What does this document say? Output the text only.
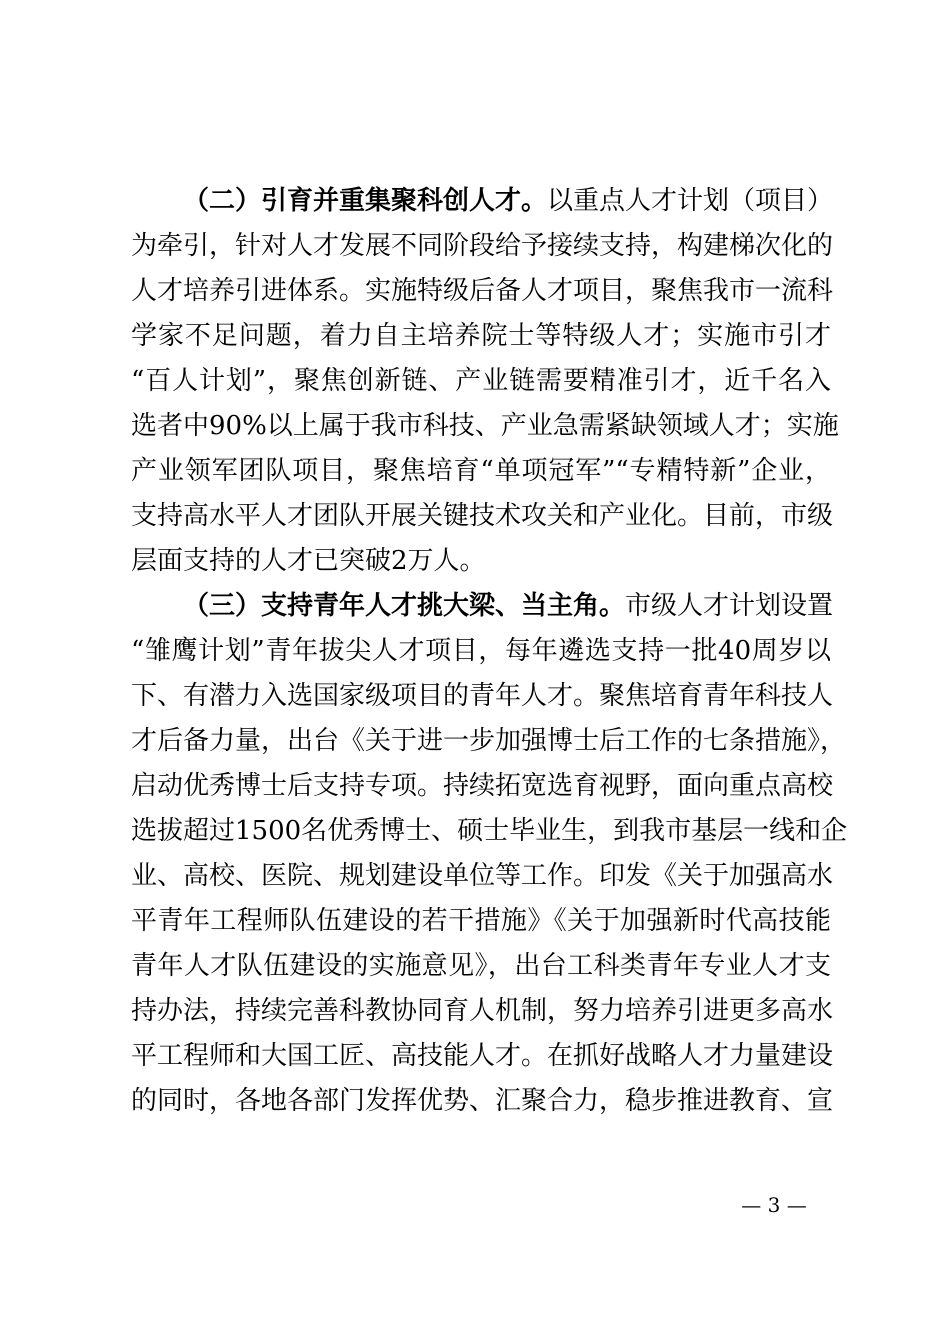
（二）引育并重集聚科创人才。以重点人才计划（项目）
为牵引，针对人才发展不同阶段给予接续支持，构建梯次化的
人才培养引进体系。实施特级后备人才项目，聚焦我市一流科
学家不足问题，着力自主培养院士等特级人才；实施市引才
“百人计划”，聚焦创新链、产业链需要精准引才，近千名入
选者中90%以上属于我市科技、产业急需紧缺领域人才；实施
产业领军团队项目，聚焦培育“单项冠军”“专精特新”企业，
支持高水平人才团队开展关键技术攻关和产业化。目前，市级
层面支持的人才已突破2万人。
（三）支持青年人才挑大梁、当主角。市级人才计划设置
“雏鹰计划”青年拔尖人才项目，每年遴选支持一批40周岁以
下、有潜力入选国家级项目的青年人才。聚焦培育青年科技人
才后备力量，出台《关于进一步加强博士后工作的七条措施》，
启动优秀博士后支持专项。持续拓宽选育视野，面向重点高校
选拔超过1500名优秀博士、硕士毕业生，到我市基层一线和企
业、高校、医院、规划建设单位等工作。印发《关于加强高水
平青年工程师队伍建设的若干措施》《关于加强新时代高技能
青年人才队伍建设的实施意见》，出台工科类青年专业人才支
持办法，持续完善科教协同育人机制，努力培养引进更多高水
平工程师和大国工匠、高技能人才。在抓好战略人才力量建设
的同时，各地各部门发挥优势、汇聚合力，稳步推进教育、宣
— 3 —
